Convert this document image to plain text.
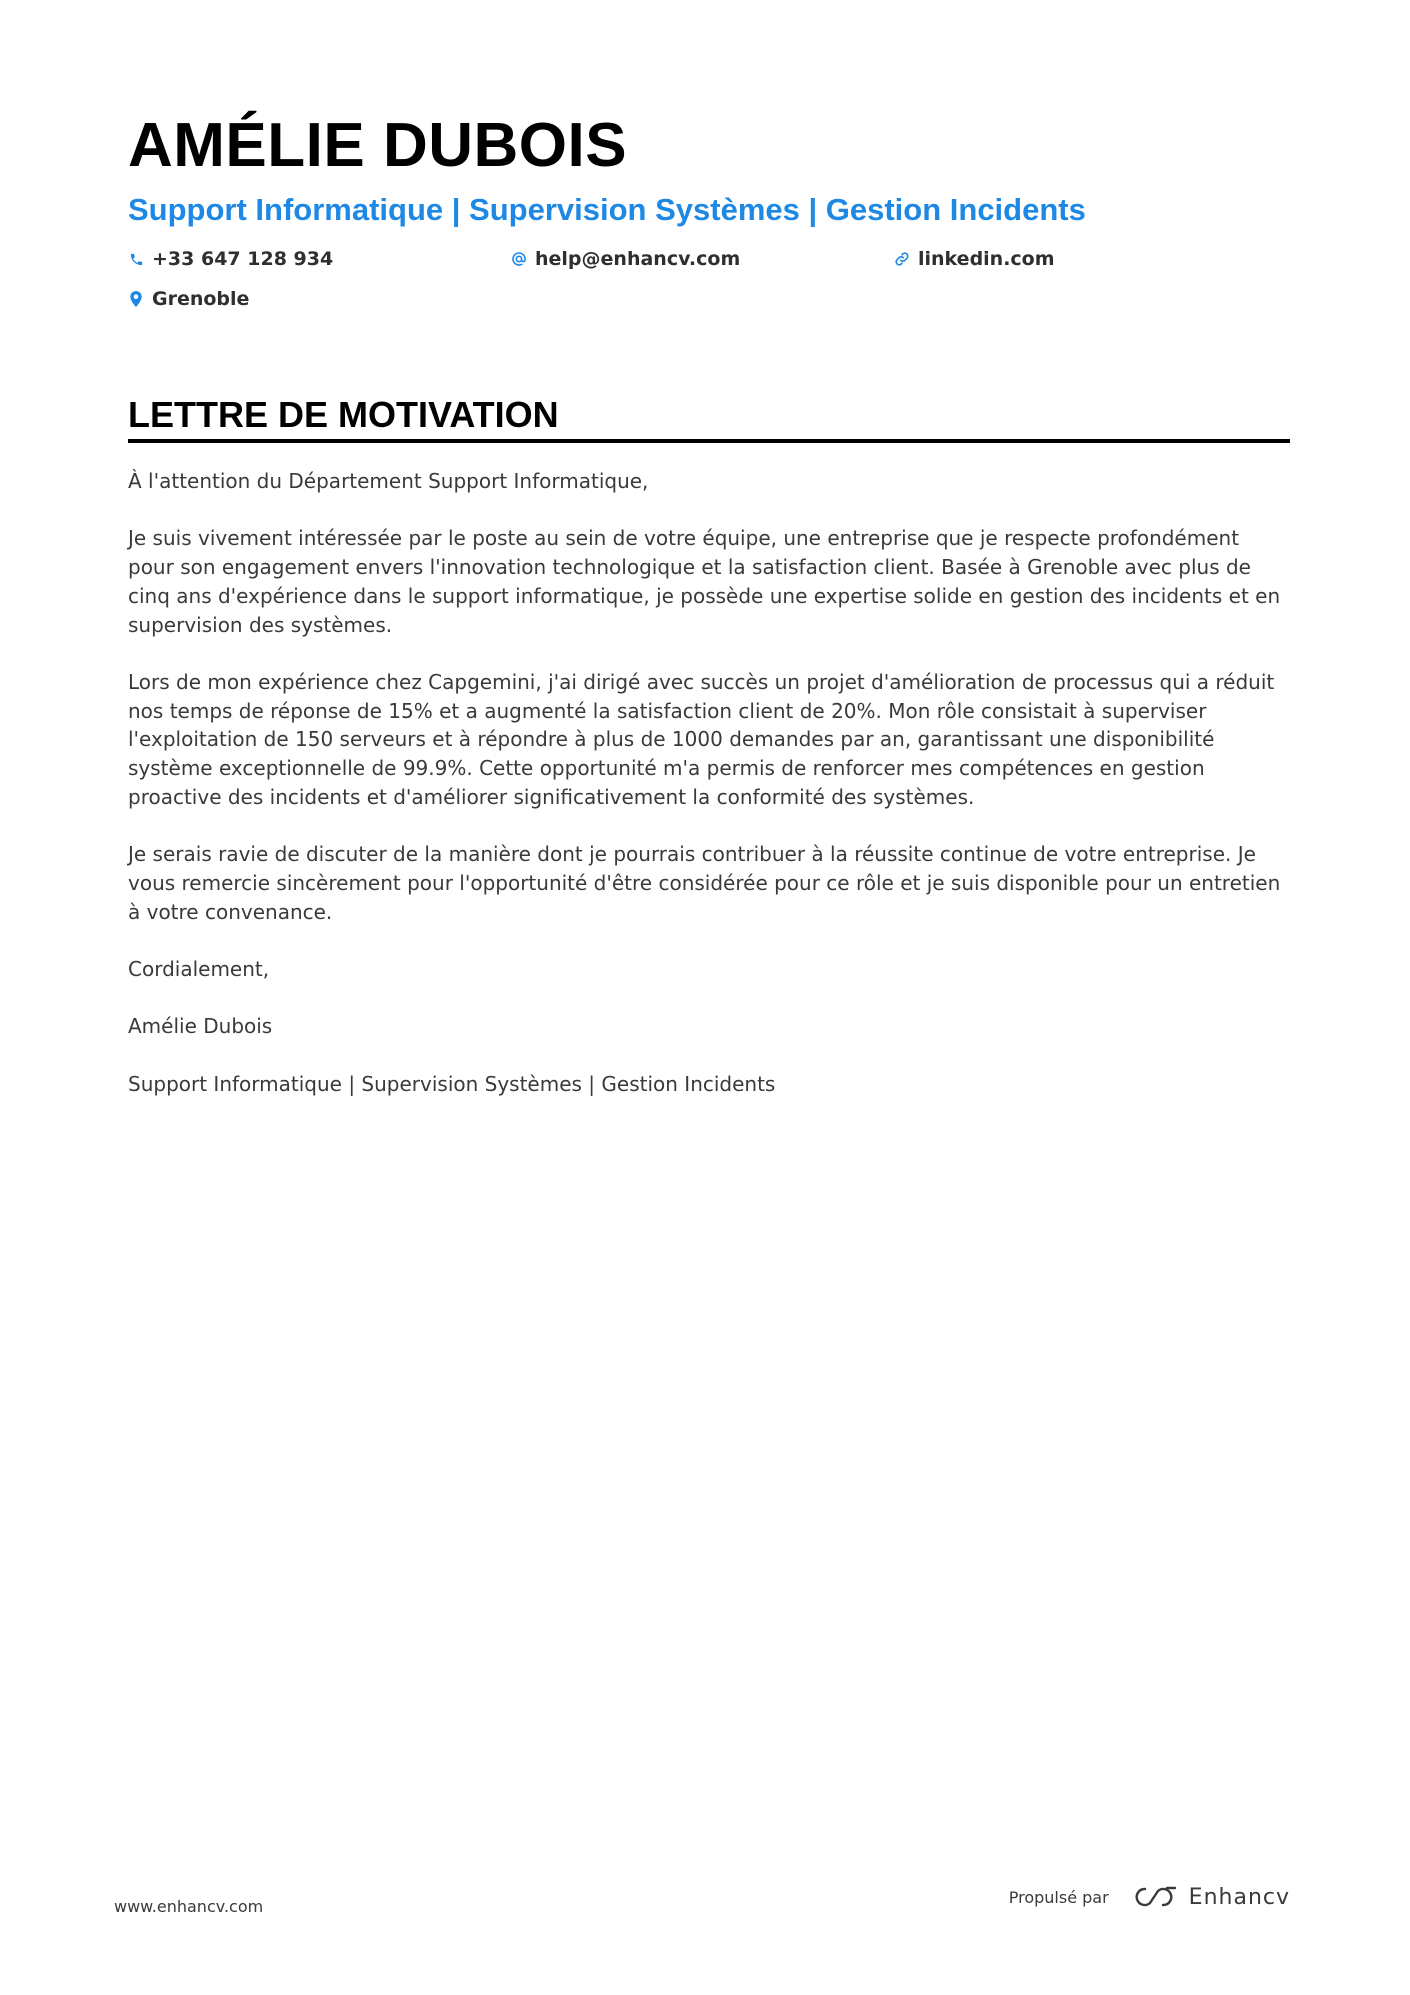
AMÉLIE DUBOIS
Support Informatique | Supervision Systèmes | Gestion Incidents
+33 647 128 934	help@enhancv.com	linkedin.com
Grenoble
LETTRE DE MOTIVATION

À l'attention du Département Support Informatique,

Je suis vivement intéressée par le poste au sein de votre équipe, une entreprise que je respecte profondément pour son engagement envers l'innovation technologique et la satisfaction client. Basée à Grenoble avec plus de cinq ans d'expérience dans le support informatique, je possède une expertise solide en gestion des incidents et en supervision des systèmes.

Lors de mon expérience chez Capgemini, j'ai dirigé avec succès un projet d'amélioration de processus qui a réduit nos temps de réponse de 15% et a augmenté la satisfaction client de 20%. Mon rôle consistait à superviser l'exploitation de 150 serveurs et à répondre à plus de 1000 demandes par an, garantissant une disponibilité système exceptionnelle de 99.9%. Cette opportunité m'a permis de renforcer mes compétences en gestion proactive des incidents et d'améliorer significativement la conformité des systèmes.

Je serais ravie de discuter de la manière dont je pourrais contribuer à la réussite continue de votre entreprise. Je vous remercie sincèrement pour l'opportunité d'être considérée pour ce rôle et je suis disponible pour un entretien à votre convenance.

Cordialement,

Amélie Dubois

Support Informatique | Supervision Systèmes | Gestion Incidents

www.enhancv.com	Propulsé par	Enhancv
